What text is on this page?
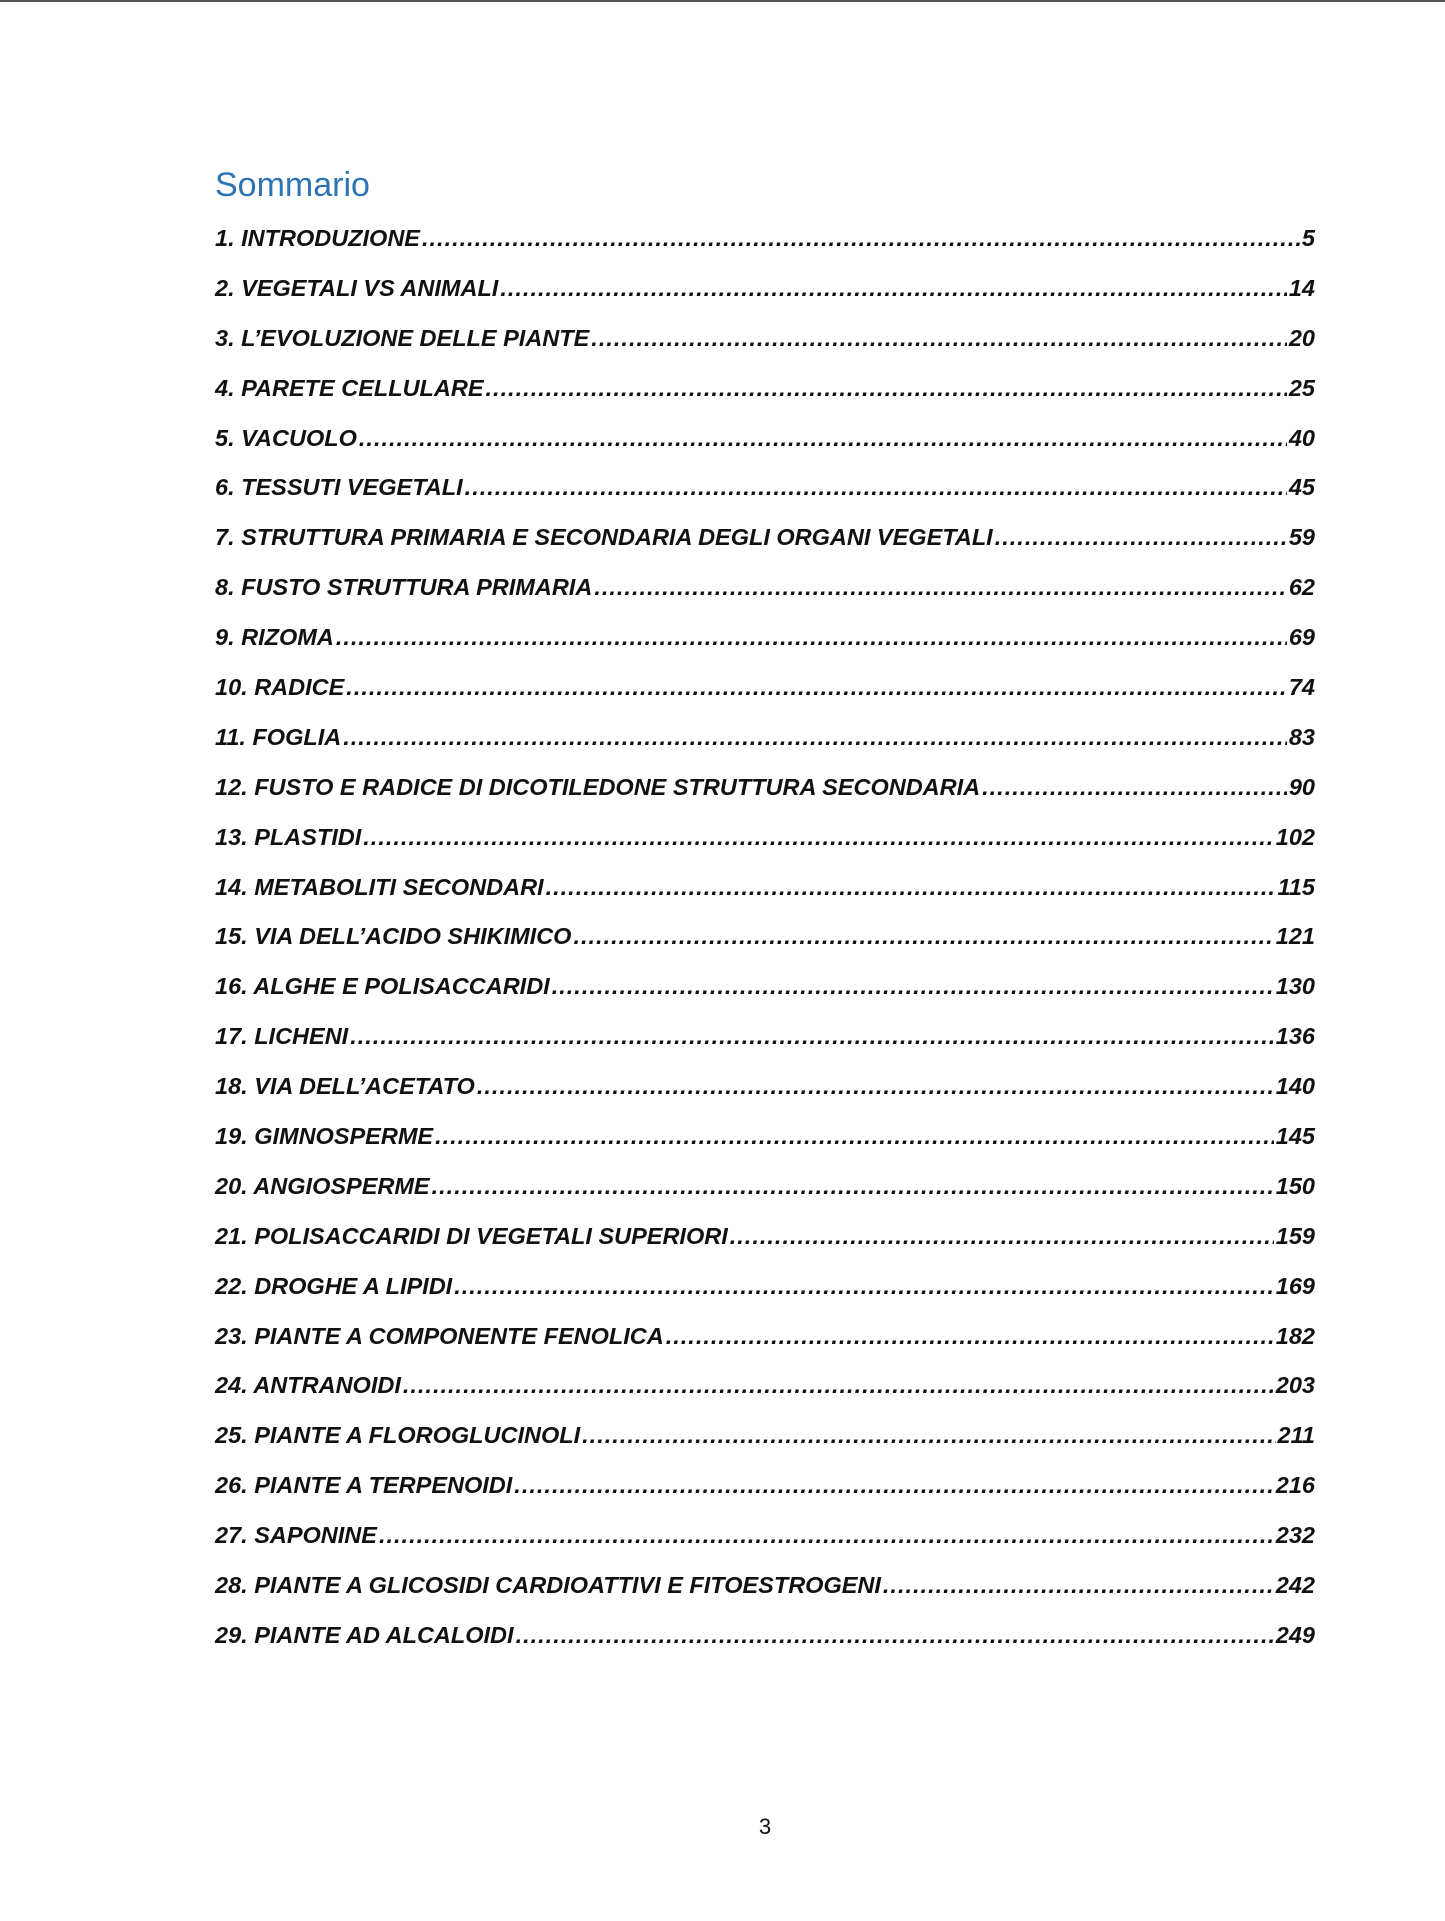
Sommario
1. INTRODUZIONE .....	5
2. VEGETALI VS ANIMALI .....	14
3. L’EVOLUZIONE DELLE PIANTE .....	20
4. PARETE CELLULARE .....	25
5. VACUOLO .....	40
6. TESSUTI VEGETALI .....	45
7. STRUTTURA PRIMARIA E SECONDARIA DEGLI ORGANI VEGETALI .....	59
8. FUSTO STRUTTURA PRIMARIA .....	62
9. RIZOMA .....	69
10. RADICE .....	74
11. FOGLIA .....	83
12. FUSTO E RADICE DI DICOTILEDONE STRUTTURA SECONDARIA .....	90
13. PLASTIDI .....	102
14. METABOLITI SECONDARI .....	115
15. VIA DELL’ACIDO SHIKIMICO .....	121
16. ALGHE E POLISACCARIDI .....	130
17. LICHENI .....	136
18. VIA DELL’ACETATO .....	140
19. GIMNOSPERME .....	145
20. ANGIOSPERME .....	150
21. POLISACCARIDI DI VEGETALI SUPERIORI .....	159
22. DROGHE A LIPIDI .....	169
23. PIANTE A COMPONENTE FENOLICA .....	182
24. ANTRANOIDI .....	203
25. PIANTE A FLOROGLUCINOLI .....	211
26. PIANTE A TERPENOIDI .....	216
27. SAPONINE .....	232
28. PIANTE A GLICOSIDI CARDIOATTIVI E FITOESTROGENI .....	242
29. PIANTE AD ALCALOIDI .....	249
3
